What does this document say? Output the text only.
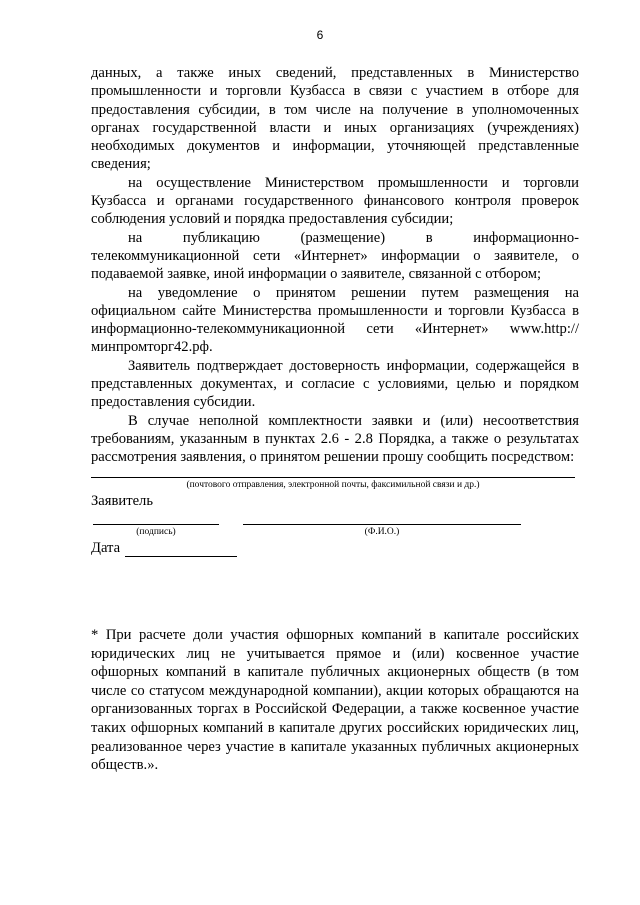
6

данных, а также иных сведений, представленных в Министерство промышленности и торговли Кузбасса в связи с участием в отборе для предоставления субсидии, в том числе на получение в уполномоченных органах государственной власти и иных организациях (учреждениях) необходимых документов и информации, уточняющей представленные сведения;

на осуществление Министерством промышленности и торговли Кузбасса и органами государственного финансового контроля проверок соблюдения условий и порядка предоставления субсидии;

на публикацию (размещение) в информационно-телекоммуникационной сети «Интернет» информации о заявителе, о подаваемой заявке, иной информации о заявителе, связанной с отбором;

на уведомление о принятом решении путем размещения на официальном сайте Министерства промышленности и торговли Кузбасса в информационно-телекоммуникационной сети «Интернет» www.http://минпромторг42.рф.

Заявитель подтверждает достоверность информации, содержащейся в представленных документах, и согласие с условиями, целью и порядком предоставления субсидии.

В случае неполной комплектности заявки и (или) несоответствия требованиям, указанным в пунктах 2.6 - 2.8 Порядка, а также о результатах рассмотрения заявления, о принятом решении прошу сообщить посредством:

(почтового отправления, электронной почты, факсимильной связи и др.)
Заявитель
(подпись)	(Ф.И.О.)
Дата

* При расчете доли участия офшорных компаний в капитале российских юридических лиц не учитывается прямое и (или) косвенное участие офшорных компаний в капитале публичных акционерных обществ (в том числе со статусом международной компании), акции которых обращаются на организованных торгах в Российской Федерации, а также косвенное участие таких офшорных компаний в капитале других российских юридических лиц, реализованное через участие в капитале указанных публичных акционерных обществ.».
